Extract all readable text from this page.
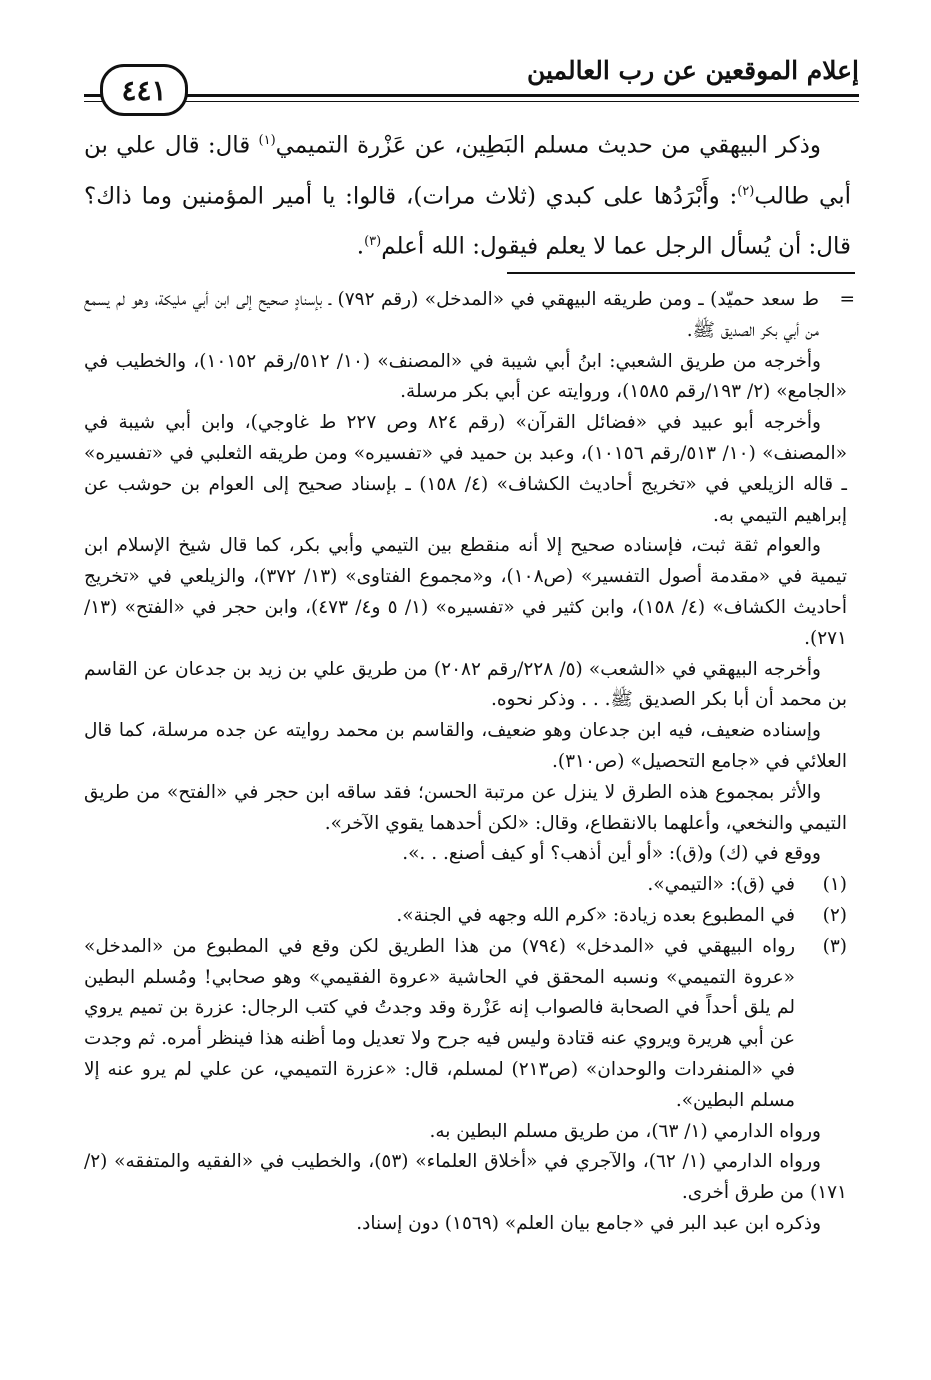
إعلام الموقعين عن رب العالمين
٤٤١

وذكر البيهقي من حديث مسلم البَطِين، عن عَزْرة التميمي$^{(١)}$ قال: قال علي بن أبي طالب$^{(٢)}$: وأَبْرَدُها على كبدي (ثلاث مرات)، قالوا: يا أمير المؤمنين وما ذاك؟ قال: أن يُسأل الرجل عما لا يعلم فيقول: الله أعلم$^{(٣)}$.

=
ط سعد حميّد) ـ ومن طريقه البيهقي في «المدخل» (رقم ٧٩٢) ـ بإسنادٍ صحيح إلى ابن أبي مليكة، وهو لم يسمع من أبي بكر الصديق ﷺ.

وأخرجه من طريق الشعبي: ابنُ أبي شيبة في «المصنف» (١٠/ ٥١٢/رقم ١٠١٥٢)، والخطيب في «الجامع» (٢/ ١٩٣/رقم ١٥٨٥)، وروايته عن أبي بكر مرسلة.

وأخرجه أبو عبيد في «فضائل القرآن» (رقم ٨٢٤ وص ٢٢٧ ط غاوجي)، وابن أبي شيبة في «المصنف» (١٠/ ٥١٣/رقم ١٠١٥٦)، وعبد بن حميد في «تفسيره» ومن طريقه الثعلبي في «تفسيره» ـ قاله الزيلعي في «تخريج أحاديث الكشاف» (٤/ ١٥٨) ـ بإسناد صحيح إلى العوام بن حوشب عن إبراهيم التيمي به.

والعوام ثقة ثبت، فإسناده صحيح إلا أنه منقطع بين التيمي وأبي بكر، كما قال شيخ الإسلام ابن تيمية في «مقدمة أصول التفسير» (ص١٠٨)، و«مجموع الفتاوى» (١٣/ ٣٧٢)، والزيلعي في «تخريج أحاديث الكشاف» (٤/ ١٥٨)، وابن كثير في «تفسيره» (١/ ٥ و٤/ ٤٧٣)، وابن حجر في «الفتح» (١٣/ ٢٧١).

وأخرجه البيهقي في «الشعب» (٥/ ٢٢٨/رقم ٢٠٨٢) من طريق علي بن زيد بن جدعان عن القاسم بن محمد أن أبا بكر الصديق ﷺ. . . وذكر نحوه.

وإسناده ضعيف، فيه ابن جدعان وهو ضعيف، والقاسم بن محمد روايته عن جده مرسلة، كما قال العلائي في «جامع التحصيل» (ص٣١٠).

والأثر بمجموع هذه الطرق لا ينزل عن مرتبة الحسن؛ فقد ساقه ابن حجر في «الفتح» من طريق التيمي والنخعي، وأعلهما بالانقطاع، وقال: «لكن أحدهما يقوي الآخر».

ووقع في (ك) و(ق): «أو أين أذهب؟ أو كيف أصنع. . .».

(١)
في (ق): «التيمي».
(٢)
في المطبوع بعده زيادة: «كرم الله وجهه في الجنة».
(٣)
رواه البيهقي في «المدخل» (٧٩٤) من هذا الطريق لكن وقع في المطبوع من «المدخل» «عروة التميمي» ونسبه المحقق في الحاشية «عروة الفقيمي» وهو صحابي! ومُسلم البطين لم يلق أحداً في الصحابة فالصواب إنه عَزْرة وقد وجدتُ في كتب الرجال: عزرة بن تميم يروي عن أبي هريرة ويروي عنه قتادة وليس فيه جرح ولا تعديل وما أظنه هذا فينظر أمره. ثم وجدت في «المنفردات والوحدان» (ص٢١٣) لمسلم، قال: «عزرة التميمي، عن علي لم يرو عنه إلا مسلم البطين».

ورواه الدارمي (١/ ٦٣)، من طريق مسلم البطين به.

ورواه الدارمي (١/ ٦٢)، والآجري في «أخلاق العلماء» (٥٣)، والخطيب في «الفقيه والمتفقه» (٢/ ١٧١) من طرق أخرى.

وذكره ابن عبد البر في «جامع بيان العلم» (١٥٦٩) دون إسناد.
